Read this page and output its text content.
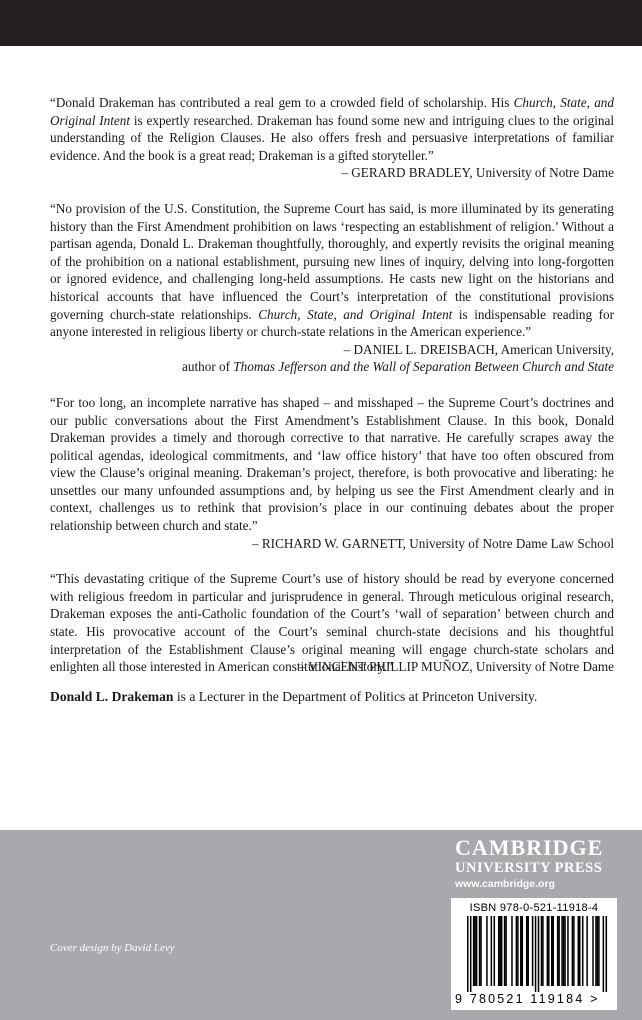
“Donald Drakeman has contributed a real gem to a crowded field of scholarship. His Church, State, and Original Intent is expertly researched. Drakeman has found some new and intriguing clues to the original understanding of the Religion Clauses. He also offers fresh and persuasive interpretations of familiar evidence. And the book is a great read; Drakeman is a gifted storyteller.”

– GERARD BRADLEY, University of Notre Dame

“No provision of the U.S. Constitution, the Supreme Court has said, is more illuminated by its generating history than the First Amendment prohibition on laws ‘respecting an establishment of religion.’ Without a partisan agenda, Donald L. Drakeman thoughtfully, thoroughly, and expertly revisits the original meaning of the prohibition on a national establishment, pursuing new lines of inquiry, delving into long-forgotten or ignored evidence, and challenging long-held assumptions. He casts new light on the historians and historical accounts that have influenced the Court’s interpretation of the constitutional provisions governing church-state relationships. Church, State, and Original Intent is indispensable reading for anyone interested in religious liberty or church-state relations in the American experience.”

– DANIEL L. DREISBACH, American University,
author of Thomas Jefferson and the Wall of Separation Between Church and State

“For too long, an incomplete narrative has shaped – and misshaped – the Supreme Court’s doctrines and our public conversations about the First Amendment’s Establishment Clause. In this book, Donald Drakeman provides a timely and thorough corrective to that narrative. He carefully scrapes away the political agendas, ideological commitments, and ‘law office history’ that have too often obscured from view the Clause’s original meaning. Drakeman’s project, therefore, is both provocative and liberating: he unsettles our many unfounded assumptions and, by helping us see the First Amendment clearly and in context, challenges us to rethink that provision’s place in our continuing debates about the proper relationship between church and state.”

– RICHARD W. GARNETT, University of Notre Dame Law School

“This devastating critique of the Supreme Court’s use of history should be read by everyone concerned with religious freedom in particular and jurisprudence in general. Through meticulous original research, Drakeman exposes the anti-Catholic foundation of the Court’s ‘wall of separation’ between church and state. His provocative account of the Court’s seminal church-state decisions and his thoughtful interpretation of the Establishment Clause’s original meaning will engage church-state scholars and enlighten all those interested in American constitutional history.”

– VINCENT PHILLIP MUÑOZ, University of Notre Dame
Donald L. Drakeman is a Lecturer in the Department of Politics at Princeton University.
Cover design by David Levy
CAMBRIDGE
UNIVERSITY PRESS
www.cambridge.org
ISBN 978-0-521-11918-4
9 780521 119184 >
